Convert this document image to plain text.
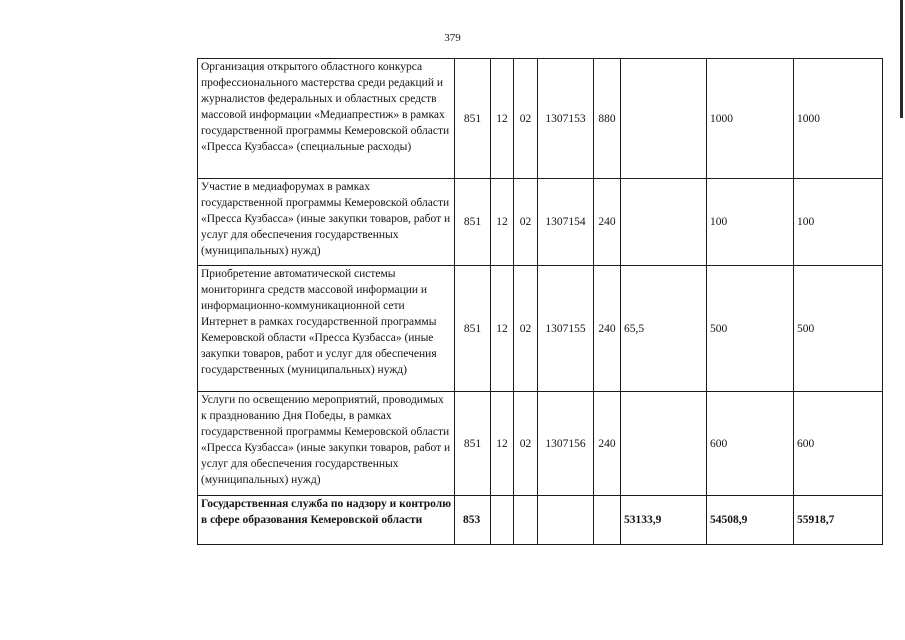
379
Организация открытого областного конкурса профессионального мастерства среди редакций и журналистов федеральных и областных средств массовой информации «Медиапрестиж» в рамках государственной программы Кемеровской области «Пресса Кузбасса» (специальные расходы)	851	12	02	1307153	880		1000	1000
Участие в медиафорумах в рамках государственной программы Кемеровской области «Пресса Кузбасса» (иные закупки товаров, работ и услуг для обеспечения государственных (муниципальных) нужд)	851	12	02	1307154	240		100	100
Приобретение автоматической системы мониторинга средств массовой информации и информационно-коммуникационной сети Интернет в рамках государственной программы Кемеровской области «Пресса Кузбасса» (иные закупки товаров, работ и услуг для обеспечения государственных (муниципальных) нужд)	851	12	02	1307155	240	65,5	500	500
Услуги по освещению мероприятий, проводимых к празднованию Дня Победы, в рамках государственной программы Кемеровской области «Пресса Кузбасса» (иные закупки товаров, работ и услуг для обеспечения государственных (муниципальных) нужд)	851	12	02	1307156	240		600	600
Государственная служба по надзору и контролю в сфере образования Кемеровской области	853					53133,9	54508,9	55918,7
